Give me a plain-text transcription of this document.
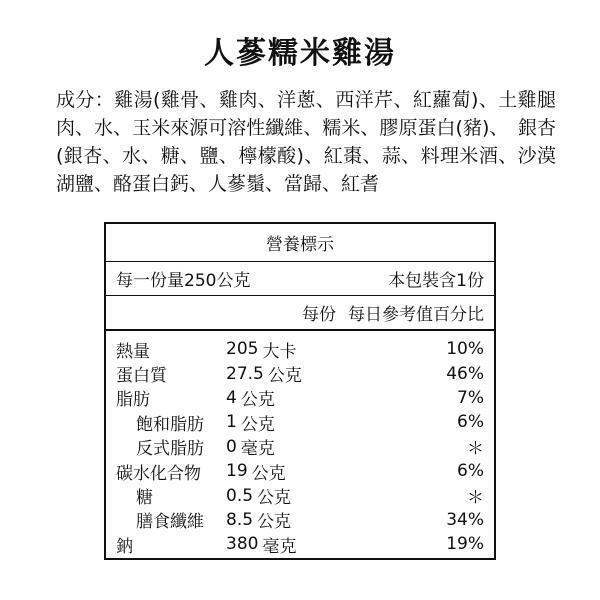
人蔘糯米雞湯
成分：雞湯(雞骨、雞肉、洋蔥、西洋芹、紅蘿蔔)、土雞腿肉、水、玉米來源可溶性纖維、糯米、膠原蛋白(豬)、　銀杏(銀杏、水、糖、鹽、檸檬酸)、紅棗、蒜、料理米酒、沙漠湖鹽、酪蛋白鈣、人蔘鬚、當歸、紅耆
營養標示
每一份量250公克	本包裝含1份
每份 每日參考值百分比
熱量	205 大卡	10%
蛋白質	27.5 公克	46%
脂肪	4 公克	7%
飽和脂肪	1 公克	6%
反式脂肪	0 毫克	＊
碳水化合物	19 公克	6%
糖	0.5 公克	＊
膳食纖維	8.5 公克	34%
鈉	380 毫克	19%
